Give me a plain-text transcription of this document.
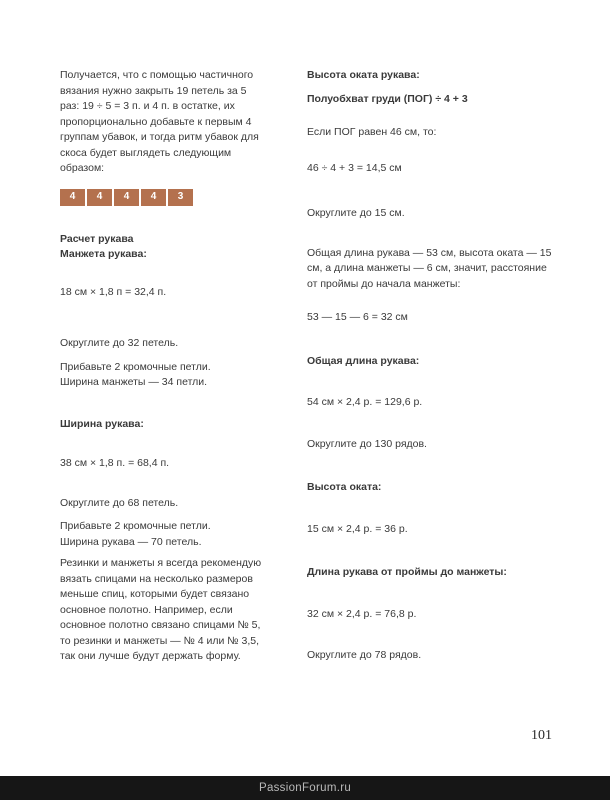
Получается, что с помощью частичного вязания нужно закрыть 19 петель за 5 раз: 19 ÷ 5 = 3 п. и 4 п. в остатке, их пропорционально добавьте к первым 4 группам убавок, и тогда ритм убавок для скоса будет выглядеть следующим образом:

4	4	4	4	3
Расчет рукава
Манжета рукава:
18 см × 1,8 п = 32,4 п.
Округлите до 32 петель.
Прибавьте 2 кромочные петли.
Ширина манжеты — 34 петли.
Ширина рукава:
38 см × 1,8 п. = 68,4 п.
Округлите до 68 петель.
Прибавьте 2 кромочные петли.
Ширина рукава — 70 петель.

Резинки и манжеты я всегда рекомендую вязать спицами на несколько размеров меньше спиц, которыми будет связано основное полотно. Например, если основное полотно связано спицами № 5, то резинки и манжеты — № 4 или № 3,5, так они лучше будут держать форму.

Высота оката рукава:
Полуобхват груди (ПОГ) ÷ 4 + 3
Если ПОГ равен 46 см, то:
46 ÷ 4 + 3 = 14,5 см
Округлите до 15 см.

Общая длина рукава — 53 см, высота оката — 15 см, а длина манжеты — 6 см, значит, расстояние от проймы до начала манжеты:

53 — 15 — 6 = 32 см
Общая длина рукава:
54 см × 2,4 р. = 129,6 р.
Округлите до 130 рядов.
Высота оката:
15 см × 2,4 р. = 36 р.
Длина рукава от проймы до манжеты:
32 см × 2,4 р. = 76,8 р.
Округлите до 78 рядов.
101
PassionForum.ru
